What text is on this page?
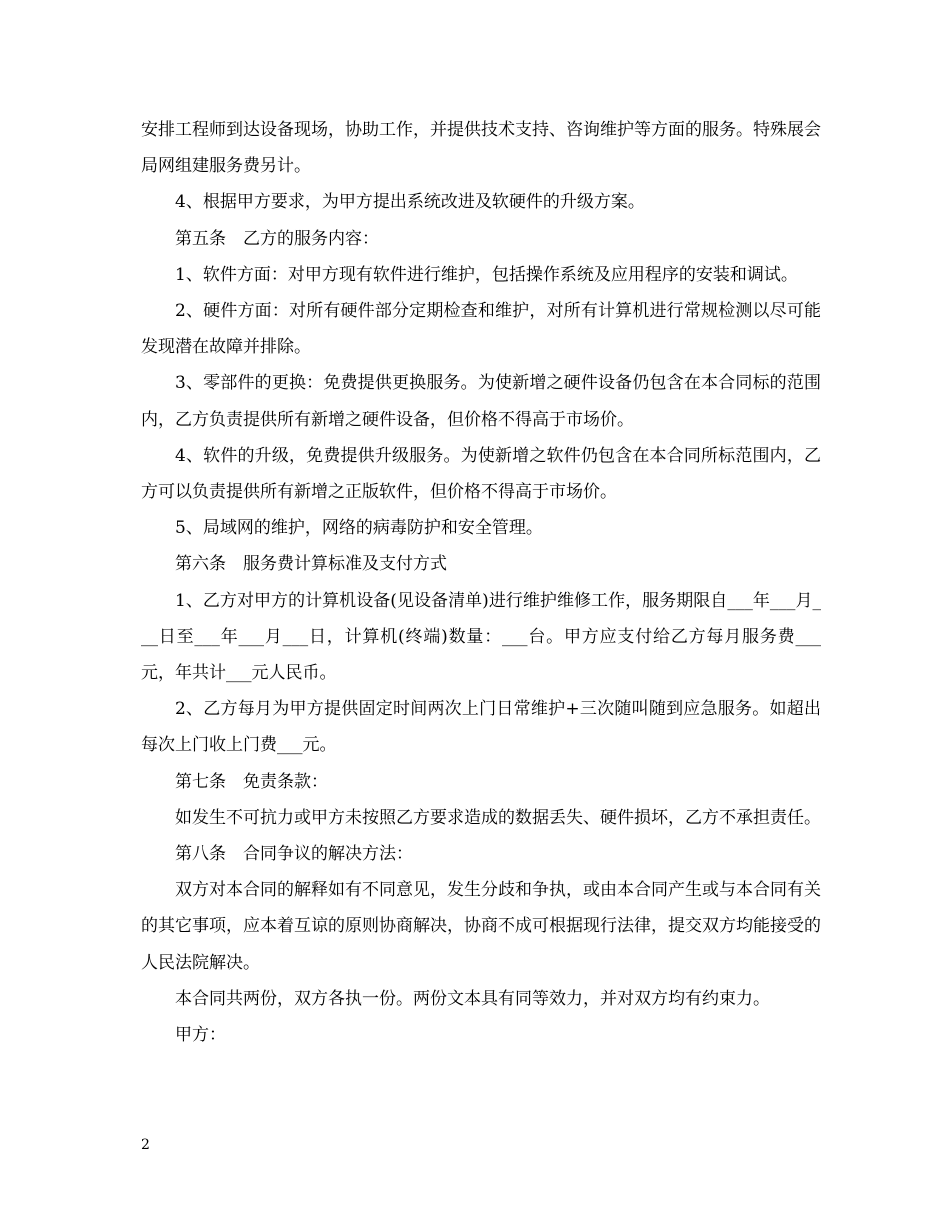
安排工程师到达设备现场，协助工作，并提供技术支持、咨询维护等方面的服务。特殊展会局网组建服务费另计。

4、根据甲方要求，为甲方提出系统改进及软硬件的升级方案。

第五条　乙方的服务内容：

1、软件方面：对甲方现有软件进行维护，包括操作系统及应用程序的安装和调试。

2、硬件方面：对所有硬件部分定期检查和维护，对所有计算机进行常规检测以尽可能发现潜在故障并排除。

3、零部件的更换：免费提供更换服务。为使新增之硬件设备仍包含在本合同标的范围内，乙方负责提供所有新增之硬件设备，但价格不得高于市场价。

4、软件的升级，免费提供升级服务。为使新增之软件仍包含在本合同所标范围内，乙方可以负责提供所有新增之正版软件，但价格不得高于市场价。

5、局域网的维护，网络的病毒防护和安全管理。

第六条　服务费计算标准及支付方式

1、乙方对甲方的计算机设备(见设备清单)进行维护维修工作，服务期限自___年___月___日至___年___月___日，计算机(终端)数量：___台。甲方应支付给乙方每月服务费___元，年共计___元人民币。

2、乙方每月为甲方提供固定时间两次上门日常维护+三次随叫随到应急服务。如超出每次上门收上门费___元。

第七条　免责条款：

如发生不可抗力或甲方未按照乙方要求造成的数据丢失、硬件损坏，乙方不承担责任。

第八条　合同争议的解决方法：

双方对本合同的解释如有不同意见，发生分歧和争执，或由本合同产生或与本合同有关的其它事项，应本着互谅的原则协商解决，协商不成可根据现行法律，提交双方均能接受的人民法院解决。

本合同共两份，双方各执一份。两份文本具有同等效力，并对双方均有约束力。

甲方：

2
